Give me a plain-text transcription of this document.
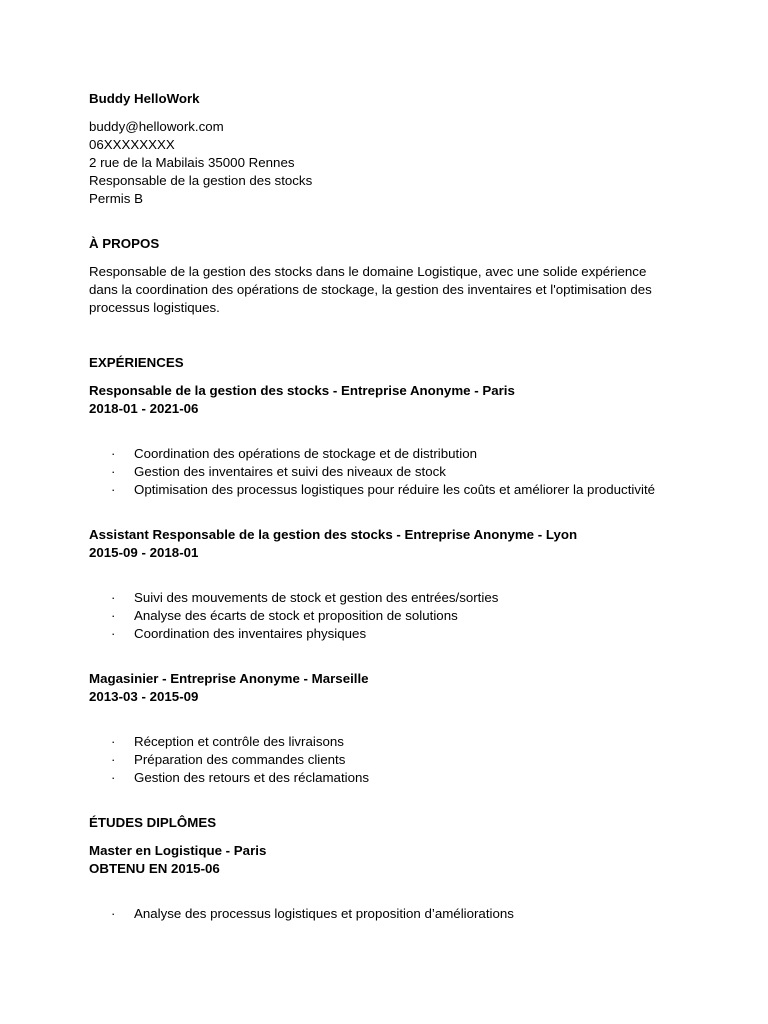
Buddy HelloWork
buddy@hellowork.com
06XXXXXXXX
2 rue de la Mabilais 35000 Rennes
Responsable de la gestion des stocks
Permis B
À PROPOS
Responsable de la gestion des stocks dans le domaine Logistique, avec une solide expérience
dans la coordination des opérations de stockage, la gestion des inventaires et l'optimisation des
processus logistiques.
EXPÉRIENCES
Responsable de la gestion des stocks - Entreprise Anonyme - Paris
2018-01 - 2021-06
· Coordination des opérations de stockage et de distribution
· Gestion des inventaires et suivi des niveaux de stock
· Optimisation des processus logistiques pour réduire les coûts et améliorer la productivité
Assistant Responsable de la gestion des stocks - Entreprise Anonyme - Lyon
2015-09 - 2018-01
· Suivi des mouvements de stock et gestion des entrées/sorties
· Analyse des écarts de stock et proposition de solutions
· Coordination des inventaires physiques
Magasinier - Entreprise Anonyme - Marseille
2013-03 - 2015-09
· Réception et contrôle des livraisons
· Préparation des commandes clients
· Gestion des retours et des réclamations
ÉTUDES DIPLÔMES
Master en Logistique - Paris
OBTENU EN 2015-06
· Analyse des processus logistiques et proposition d’améliorations
